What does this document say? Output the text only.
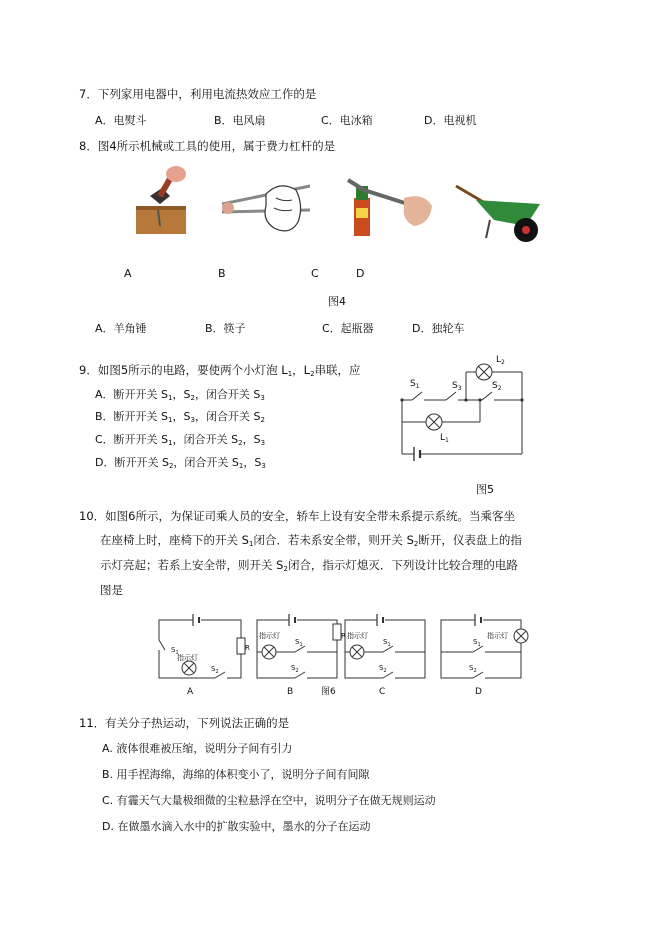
7．下列家用电器中，利用电流热效应工作的是
A．电熨斗	B．电风扇	C．电冰箱	D．电视机
8．图4所示机械或工具的使用，属于费力杠杆的是
A	B	C	D
图4
A．羊角锤	B．筷子	C．起瓶器	D．独轮车
9．如图5所示的电路，要使两个小灯泡 $L_1$，$L_2$串联，应
A．断开开关 $S_1$，$S_2$，闭合开关 $S_3$
B．断开开关 $S_1$，$S_3$，闭合开关 $S_2$
C．断开开关 $S_1$，闭合开关 $S_2$，$S_3$
D．断开开关 $S_2$，闭合开关 $S_1$，$S_3$
$L_2$
$S_1$	$S_3$	$S_2$
$L_1$
图5
10．如图6所示，为保证司乘人员的安全，轿车上设有安全带未系提示系统。当乘客坐
在座椅上时，座椅下的开关 $S_1$闭合．若未系安全带，则开关 $S_2$断开，仪表盘上的指
示灯亮起；若系上安全带，则开关 $S_2$闭合，指示灯熄灭．下列设计比较合理的电路
图是
$S_1$
指示灯
$S_2$
R
指示灯
$S_1$
$S_2$
R 指示灯
$S_1$
$S_2$
指示灯
$S_1$
$S_2$
A	B	图6	C	D
11．有关分子热运动，下列说法正确的是
A. 液体很难被压缩，说明分子间有引力
B. 用手捏海绵，海绵的体积变小了，说明分子间有间隙
C. 有霾天气大量极细微的尘粒悬浮在空中，说明分子在做无规则运动
D. 在做墨水滴入水中的扩散实验中，墨水的分子在运动
